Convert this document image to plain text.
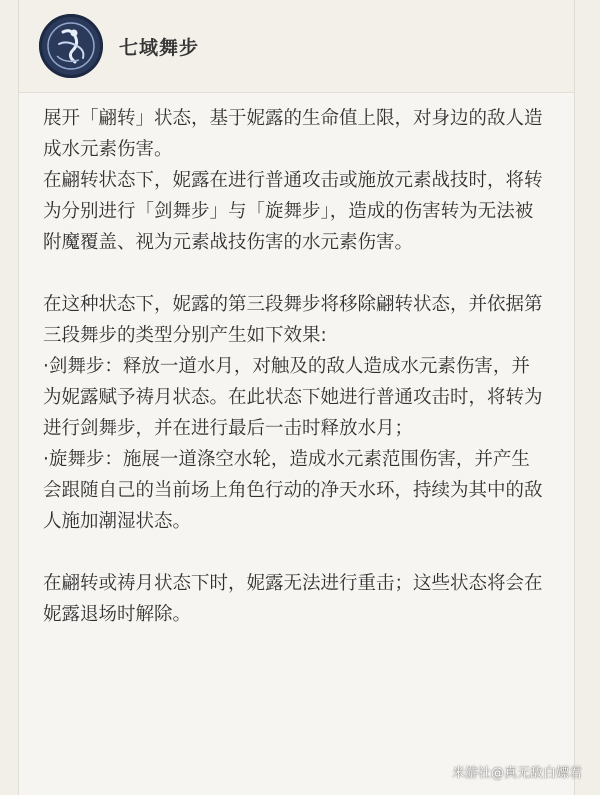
七域舞步

展开「翩转」状态，基于妮露的生命值上限，对身边的敌人造成水元素伤害。

在翩转状态下，妮露在进行普通攻击或施放元素战技时，将转为分别进行「剑舞步」与「旋舞步」，造成的伤害转为无法被附魔覆盖、视为元素战技伤害的水元素伤害。

在这种状态下，妮露的第三段舞步将移除翩转状态，并依据第三段舞步的类型分别产生如下效果:

·剑舞步：释放一道水月，对触及的敌人造成水元素伤害，并为妮露赋予祷月状态。在此状态下她进行普通攻击时，将转为进行剑舞步，并在进行最后一击时释放水月；

·旋舞步：施展一道涤空水轮，造成水元素范围伤害，并产生会跟随自己的当前场上角色行动的净天水环，持续为其中的敌人施加潮湿状态。

在翩转或祷月状态下时，妮露无法进行重击；这些状态将会在妮露退场时解除。

米游社@真无敌白嫖君
